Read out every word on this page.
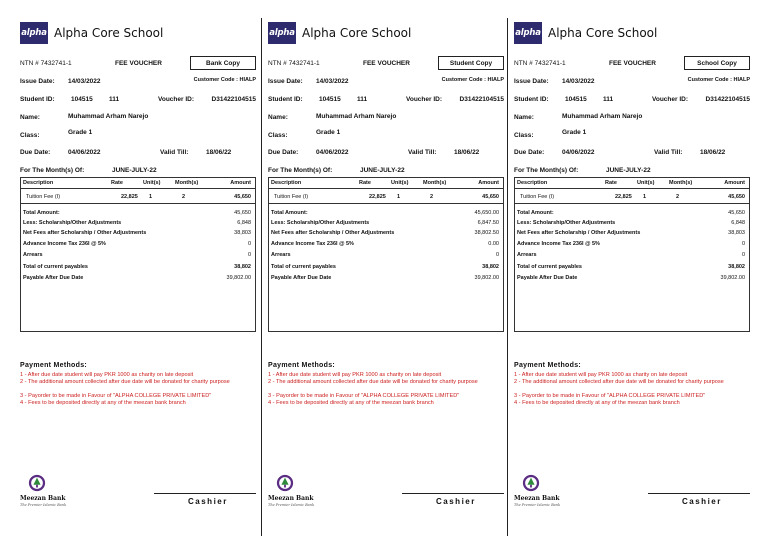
alpha Alpha Core School
NTN # 7432741-1	FEE VOUCHER	Bank Copy
Issue Date: 14/03/2022	Customer Code : HIALP
Student ID:	104515	111	Voucher ID:	D31422104515
Name:	Muhammad Arham Narejo
Class:	Grade 1
Due Date:	04/06/2022	Valid Till:	18/06/22
For The Month(s) Of:	JUNE-JULY-22
Description	Rate	Unit(s)	Month(s)	Amount
Tuition Fee (I)	22,825 1	2	45,650
Total Amount:	45,650
Less: Scholarship/Other Adjustments	6,848
Net Fees after Scholarship / Other Adjustments	38,803
Advance Income Tax 236I @ 5%	0
Arrears	0
Total of current payables	38,802
Payable After Due Date	39,802.00
Payment Methods:
1 - After due date student will pay PKR 1000 as charity on late deposit
2 - The additional amount collected after due date will be donated for charity purpose
3 - Payorder to be made in Favour of "ALPHA COLLEGE PRIVATE LIMITED"
4 - Fees to be deposited directly at any of the meezan bank branch
Meezan Bank
The Premier Islamic Bank	Cashier
alpha Alpha Core School
NTN # 7432741-1	FEE VOUCHER	Student Copy
Issue Date: 14/03/2022	Customer Code : HIALP
Student ID:	104515	111	Voucher ID:	D31422104515
Name:	Muhammad Arham Narejo
Class:	Grade 1
Due Date:	04/06/2022	Valid Till:	18/06/22
For The Month(s) Of:	JUNE-JULY-22
Description	Rate	Unit(s)	Month(s)	Amount
Tuition Fee (I)	22,825 1	2	45,650
Total Amount:	45,650.00
Less: Scholarship/Other Adjustments	6,847.50
Net Fees after Scholarship / Other Adjustments	38,802.50
Advance Income Tax 236I @ 5%	0.00
Arrears	0
Total of current payables	38,802
Payable After Due Date	39,802.00
Payment Methods:
1 - After due date student will pay PKR 1000 as charity on late deposit
2 - The additional amount collected after due date will be donated for charity purpose
3 - Payorder to be made in Favour of "ALPHA COLLEGE PRIVATE LIMITED"
4 - Fees to be deposited directly at any of the meezan bank branch
Meezan Bank
The Premier Islamic Bank	Cashier
alpha Alpha Core School
NTN # 7432741-1	FEE VOUCHER	School Copy
Issue Date: 14/03/2022	Customer Code : HIALP
Student ID:	104515	111	Voucher ID:	D31422104515
Name:	Muhammad Arham Narejo
Class:	Grade 1
Due Date:	04/06/2022	Valid Till:	18/06/22
For The Month(s) Of:	JUNE-JULY-22
Description	Rate	Unit(s)	Month(s)	Amount
Tuition Fee (I)	22,825 1	2	45,650
Total Amount:	45,650
Less: Scholarship/Other Adjustments	6,848
Net Fees after Scholarship / Other Adjustments	38,803
Advance Income Tax 236I @ 5%	0
Arrears	0
Total of current payables	38,802
Payable After Due Date	39,802.00
Payment Methods:
1 - After due date student will pay PKR 1000 as charity on late deposit
2 - The additional amount collected after due date will be donated for charity purpose
3 - Payorder to be made in Favour of "ALPHA COLLEGE PRIVATE LIMITED"
4 - Fees to be deposited directly at any of the meezan bank branch
Meezan Bank
The Premier Islamic Bank	Cashier
